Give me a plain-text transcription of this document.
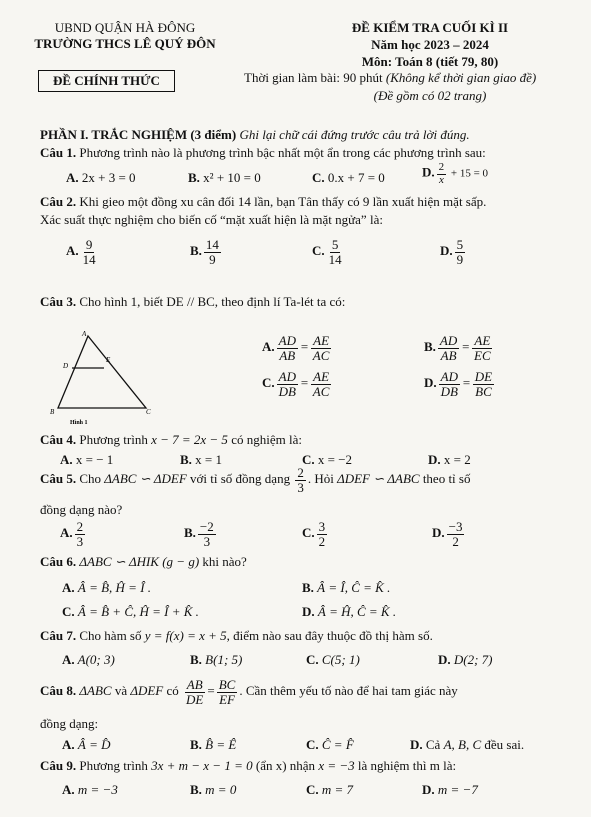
UBND QUẬN HÀ ĐÔNG
TRƯỜNG THCS LÊ QUÝ ĐÔN
ĐỀ CHÍNH THỨC
ĐỀ KIỂM TRA CUỐI KÌ II
Năm học 2023 – 2024
Môn: Toán 8 (tiết 79, 80)
Thời gian làm bài: 90 phút (Không kể thời gian giao đề)
(Đề gồm có 02 trang)
PHẦN I. TRẮC NGHIỆM (3 điểm) Ghi lại chữ cái đứng trước câu trả lời đúng.
Câu 1. Phương trình nào là phương trình bậc nhất một ẩn trong các phương trình sau:
A. 2x + 3 = 0	B. x² + 10 = 0	C. 0.x + 7 = 0	D. $\frac{2}{x} + 15 = 0$
Câu 2. Khi gieo một đồng xu cân đối 14 lần, bạn Tân thấy có 9 lần xuất hiện mặt sấp.
Xác suất thực nghiệm cho biến cố “mặt xuất hiện là mặt ngửa” là:
A. $\frac{9}{14}$	B. $\frac{14}{9}$	C. $\frac{5}{14}$	D. $\frac{5}{9}$
Câu 3. Cho hình 1, biết DE // BC, theo định lí Ta-lét ta có:
A
D
E
B	C
Hình 1
A. $\frac{AD}{AB} = \frac{AE}{AC}$	B. $\frac{AD}{AB} = \frac{AE}{EC}$
C. $\frac{AD}{DB} = \frac{AE}{AC}$	D. $\frac{AD}{DB} = \frac{DE}{BC}$
Câu 4. Phương trình x − 7 = 2x − 5 có nghiệm là:
A. x = − 1	B. x = 1	C. x = −2	D. x = 2
Câu 5. Cho ΔABC ∽ ΔDEF với tỉ số đồng dạng $\frac{2}{3}$ . Hỏi ΔDEF ∽ ΔABC theo tỉ số
đồng dạng nào?
A. $\frac{2}{3}$	B. $\frac{-2}{3}$	C. $\frac{3}{2}$	D. $\frac{-3}{2}$
Câu 6. ΔABC ∽ ΔHIK (g − g) khi nào?
A. Â = B̂, Ĥ = Î .	B. Â = Î, Ĉ = K̂ .
C. Â = B̂ + Ĉ, Ĥ = Î + K̂ .	D. Â = Ĥ, Ĉ = K̂ .
Câu 7. Cho hàm số y = f(x) = x + 5, điểm nào sau đây thuộc đồ thị hàm số.
A. A(0; 3)	B. B(1; 5)	C. C(5; 1)	D. D(2; 7)
Câu 8. ΔABC và ΔDEF có $\frac{AB}{DE} = \frac{BC}{EF}$ . Cần thêm yếu tố nào để hai tam giác này
đồng dạng:
A. Â = D̂	B. B̂ = Ê	C. Ĉ = F̂	D. Cả A, B, C đều sai.
Câu 9. Phương trình 3x + m − x − 1 = 0 (ẩn x) nhận x = −3 là nghiệm thì m là:
A. m = −3	B. m = 0	C. m = 7	D. m = −7
